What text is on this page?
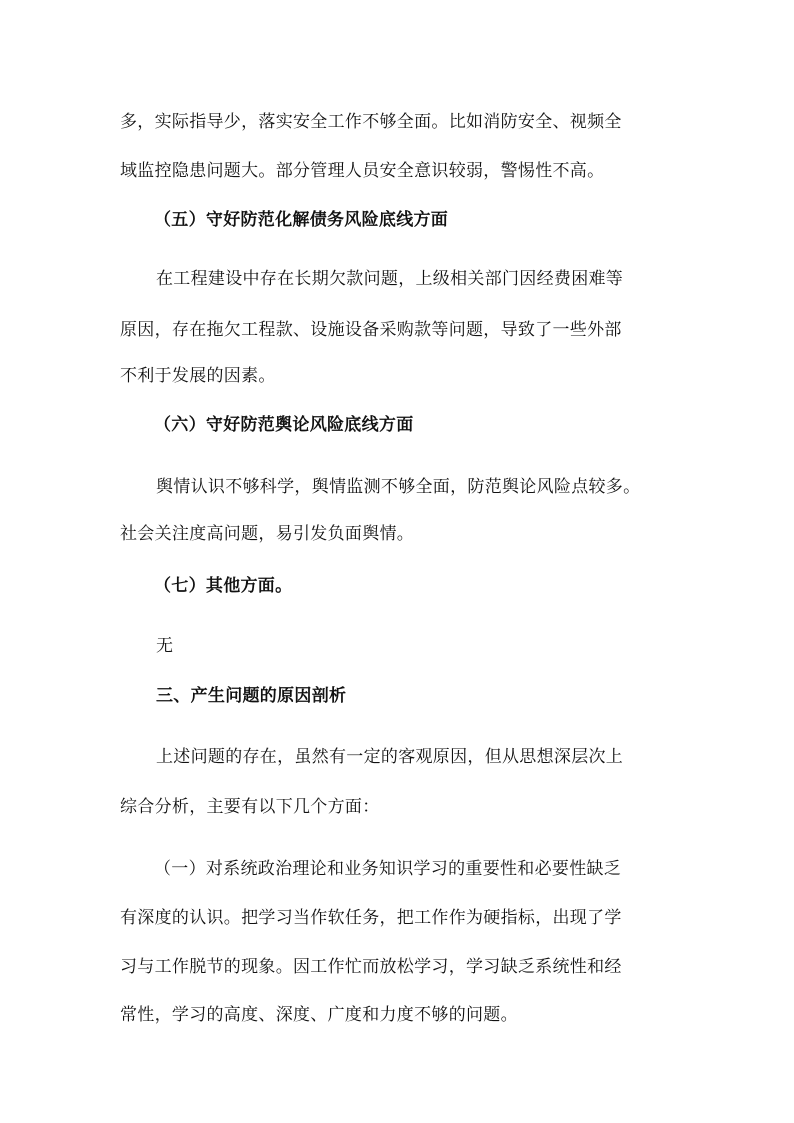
多，实际指导少，落实安全工作不够全面。比如消防安全、视频全
域监控隐患问题大。部分管理人员安全意识较弱，警惕性不高。
（五）守好防范化解债务风险底线方面
在工程建设中存在长期欠款问题，上级相关部门因经费困难等
原因，存在拖欠工程款、设施设备采购款等问题，导致了一些外部
不利于发展的因素。
（六）守好防范舆论风险底线方面
舆情认识不够科学，舆情监测不够全面，防范舆论风险点较多。
社会关注度高问题，易引发负面舆情。
（七）其他方面。
无
三、产生问题的原因剖析
上述问题的存在，虽然有一定的客观原因，但从思想深层次上
综合分析，主要有以下几个方面：
（一）对系统政治理论和业务知识学习的重要性和必要性缺乏
有深度的认识。把学习当作软任务，把工作作为硬指标，出现了学
习与工作脱节的现象。因工作忙而放松学习，学习缺乏系统性和经
常性，学习的高度、深度、广度和力度不够的问题。
